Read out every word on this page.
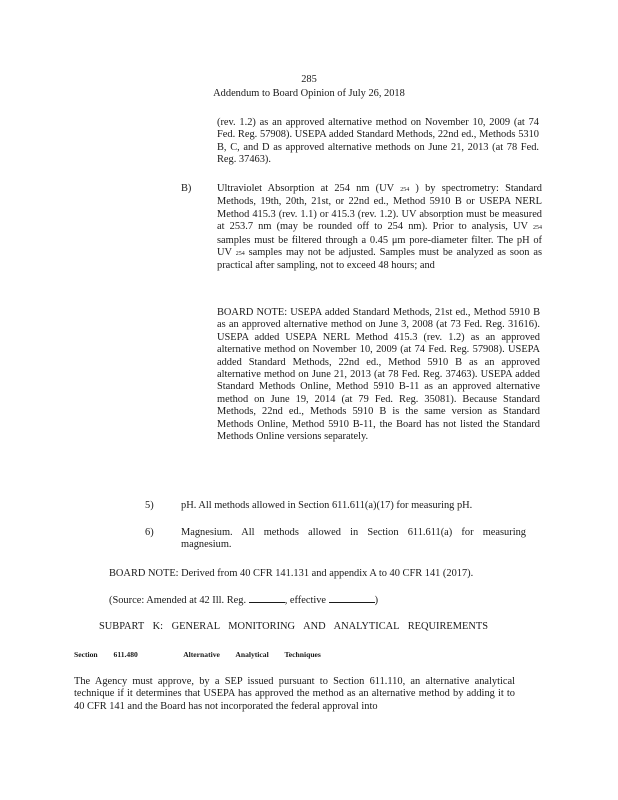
285
Addendum to Board Opinion of July 26, 2018
(rev. 1.2) as an approved alternative method on November 10, 2009 (at 74 Fed. Reg. 57908). USEPA added Standard Methods, 22nd ed., Methods 5310 B, C, and D as approved alternative methods on June 21, 2013 (at 78 Fed. Reg. 37463).
B) Ultraviolet Absorption at 254 nm (UV 254 ) by spectrometry: Standard Methods, 19th, 20th, 21st, or 22nd ed., Method 5910 B or USEPA NERL Method 415.3 (rev. 1.1) or 415.3 (rev. 1.2). UV absorption must be measured at 253.7 nm (may be rounded off to 254 nm). Prior to analysis, UV 254 samples must be filtered through a 0.45 μm pore-diameter filter. The pH of UV 254 samples may not be adjusted. Samples must be analyzed as soon as practical after sampling, not to exceed 48 hours; and
BOARD NOTE: USEPA added Standard Methods, 21st ed., Method 5910 B as an approved alternative method on June 3, 2008 (at 73 Fed. Reg. 31616). USEPA added USEPA NERL Method 415.3 (rev. 1.2) as an approved alternative method on November 10, 2009 (at 74 Fed. Reg. 57908). USEPA added Standard Methods, 22nd ed., Method 5910 B as an approved alternative method on June 21, 2013 (at 78 Fed. Reg. 37463). USEPA added Standard Methods Online, Method 5910 B-11 as an approved alternative method on June 19, 2014 (at 79 Fed. Reg. 35081). Because Standard Methods, 22nd ed., Methods 5910 B is the same version as Standard Methods Online, Method 5910 B-11, the Board has not listed the Standard Methods Online versions separately.
5)	pH. All methods allowed in Section 611.611(a)(17) for measuring pH.
6)	Magnesium. All methods allowed in Section 611.611(a) for measuring magnesium.
BOARD NOTE: Derived from 40 CFR 141.131 and appendix A to 40 CFR 141 (2017).
(Source: Amended at 42 Ill. Reg.	, effective	)
SUBPART K: GENERAL MONITORING AND ANALYTICAL REQUIREMENTS
Section 611.480	Alternative Analytical Techniques
The Agency must approve, by a SEP issued pursuant to Section 611.110, an alternative analytical technique if it determines that USEPA has approved the method as an alternative method by adding it to 40 CFR 141 and the Board has not incorporated the federal approval into
